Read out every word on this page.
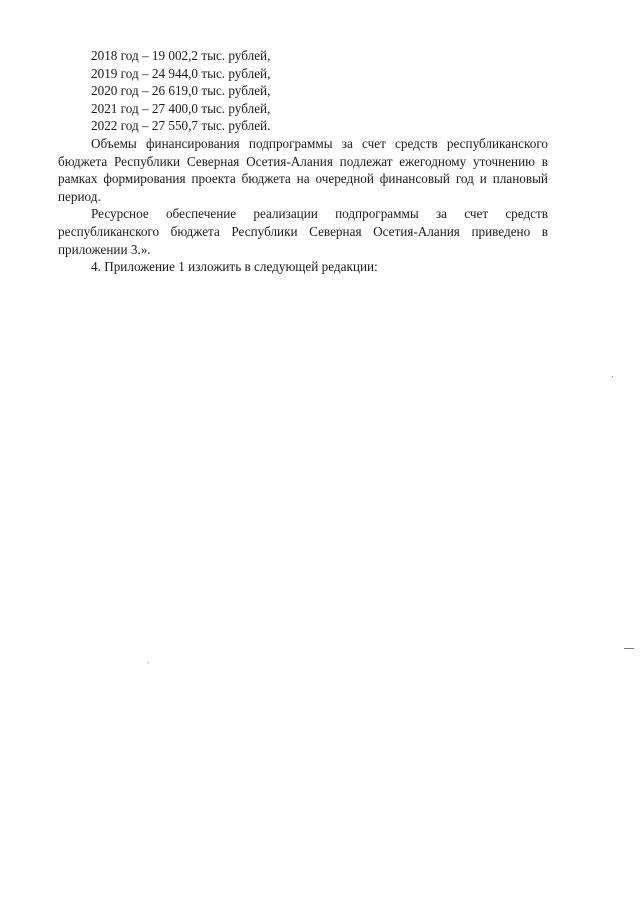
2018 год – 19 002,2 тыс. рублей,
2019 год – 24 944,0 тыс. рублей,
2020 год – 26 619,0 тыс. рублей,
2021 год – 27 400,0 тыс. рублей,
2022 год – 27 550,7 тыс. рублей.

Объемы финансирования подпрограммы за счет средств республиканского бюджета Республики Северная Осетия-Алания подлежат ежегодному уточнению в рамках формирования проекта бюджета на очередной финансовый год и плановый период.

Ресурсное обеспечение реализации подпрограммы за счет средств республиканского бюджета Республики Северная Осетия-Алания приведено в приложении 3.».

4. Приложение 1 изложить в следующей редакции:
